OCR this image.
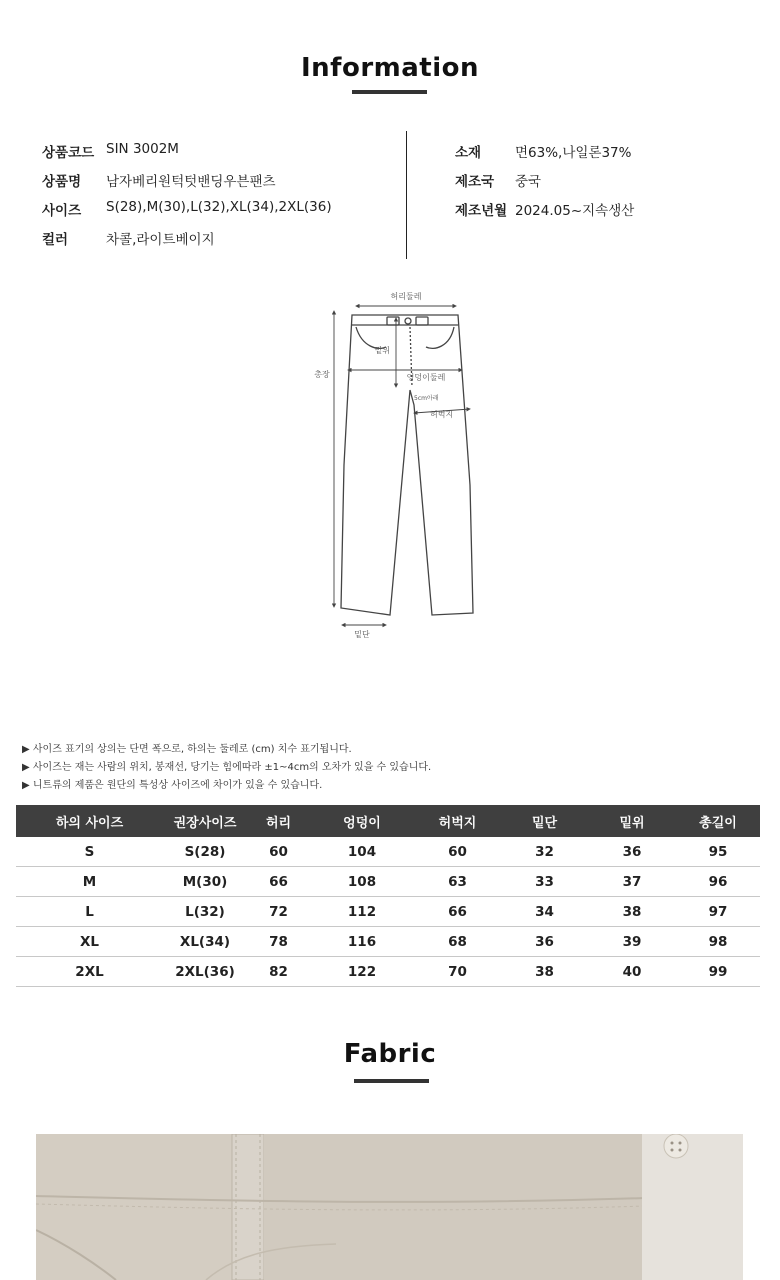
Information
상품코드 SIN 3002M
상품명 남자베리원턱텃밴딩우븐팬츠
사이즈 S(28),M(30),L(32),XL(34),2XL(36)
컬러	차콜,라이트베이지
소재	면63%,나일론37%
제조국 중국
제조년월 2024.05~지속생산
허리둘레
밑위
엉덩이둘레
5cm아래
허벅지
총장
밑단
▶ 사이즈 표기의 상의는 단면 폭으로, 하의는 둘레로 (cm) 치수 표기됩니다.
▶ 사이즈는 재는 사람의 위치, 봉재선, 당기는 힘에따라 ±1~4cm의 오차가 있을 수 있습니다.
▶ 니트류의 제품은 원단의 특성상 사이즈에 차이가 있을 수 있습니다.
하의 사이즈	권장사이즈	허리	엉덩이	허벅지	밑단	밑위	총길이
S	S(28)	60	104	60	32	36	95
M	M(30)	66	108	63	33	37	96
L	L(32)	72	112	66	34	38	97
XL	XL(34)	78	116	68	36	39	98
2XL	2XL(36)	82	122	70	38	40	99
Fabric
